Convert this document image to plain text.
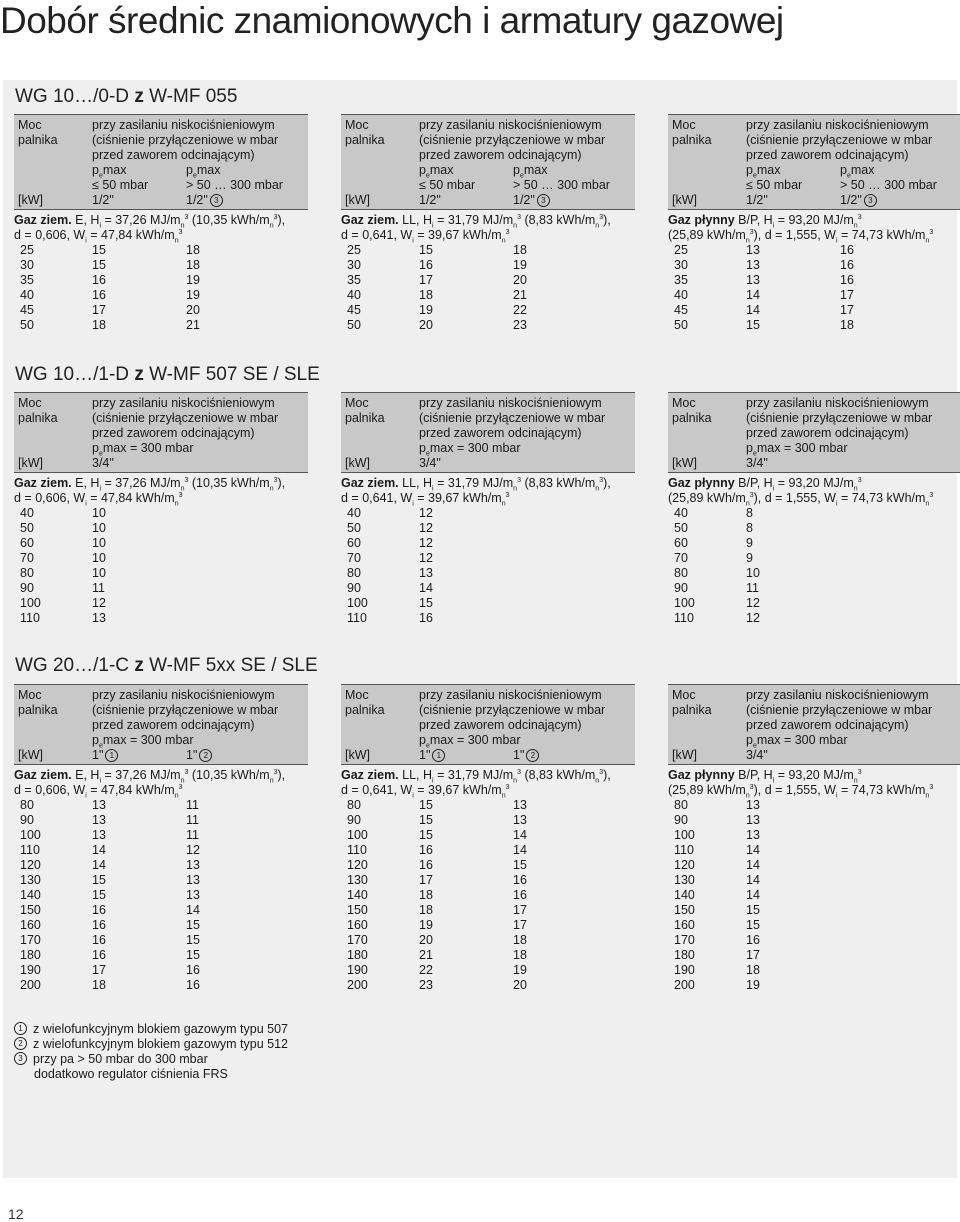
Dobór średnic znamionowych i armatury gazowej
WG 10…/0-D z W-MF 055
Moc	przy zasilaniu niskociśnieniowym
palnika	(ciśnienie przyłączeniowe w mbar
przed zaworem odcinającym)
$p_e\max$	$p_e\max$
≤ 50 mbar	> 50 … 300 mbar
[kW]	1/2"	1/2" 3
Gaz ziem. E, $H_i = 37,26$ $MJ/m_n^3$ (10,35 kWh/$m_n^3$),
d = 0,606, $W_i = 47,84$ kWh/$m_n^3$
25	15	18
30	15	18
35	16	19
40	16	19
45	17	20
50	18	21
Moc	przy zasilaniu niskociśnieniowym
palnika	(ciśnienie przyłączeniowe w mbar
przed zaworem odcinającym)
$p_e\max$	$p_e\max$
≤ 50 mbar	> 50 … 300 mbar
[kW]	1/2"	1/2" 3
Gaz ziem. LL, $H_i = 31,79$ $MJ/m_n^3$ (8,83 kWh/$m_n^3$),
d = 0,641, $W_i = 39,67$ kWh/$m_n^3$
25	15	18
30	16	19
35	17	20
40	18	21
45	19	22
50	20	23
Moc	przy zasilaniu niskociśnieniowym
palnika	(ciśnienie przyłączeniowe w mbar
przed zaworem odcinającym)
$p_e\max$	$p_e\max$
≤ 50 mbar	> 50 … 300 mbar
[kW]	1/2"	1/2" 3
Gaz płynny B/P, $H_i = 93,20$ $MJ/m_n^3$
(25,89 kWh/$m_n^3$), d = 1,555, $W_i = 74,73$ kWh/$m_n^3$
25	13	16
30	13	16
35	13	16
40	14	17
45	14	17
50	15	18
WG 10…/1-D z W-MF 507 SE / SLE
Moc	przy zasilaniu niskociśnieniowym
palnika	(ciśnienie przyłączeniowe w mbar
przed zaworem odcinającym)
$p_e\max = 300$ mbar
[kW]	3/4"
Gaz ziem. E, $H_i = 37,26$ $MJ/m_n^3$ (10,35 kWh/$m_n^3$),
d = 0,606, $W_i = 47,84$ kWh/$m_n^3$
40	10
50	10
60	10
70	10
80	10
90	11
100	12
110	13
Moc	przy zasilaniu niskociśnieniowym
palnika	(ciśnienie przyłączeniowe w mbar
przed zaworem odcinającym)
$p_e\max = 300$ mbar
[kW]	3/4"
Gaz ziem. LL, $H_i = 31,79$ $MJ/m_n^3$ (8,83 kWh/$m_n^3$),
d = 0,641, $W_i = 39,67$ kWh/$m_n^3$
40	12
50	12
60	12
70	12
80	13
90	14
100	15
110	16
Moc	przy zasilaniu niskociśnieniowym
palnika	(ciśnienie przyłączeniowe w mbar
przed zaworem odcinającym)
$p_e\max = 300$ mbar
[kW]	3/4"
Gaz płynny B/P, $H_i = 93,20$ $MJ/m_n^3$
(25,89 kWh/$m_n^3$), d = 1,555, $W_i = 74,73$ kWh/$m_n^3$
40	8
50	8
60	9
70	9
80	10
90	11
100	12
110	12
WG 20…/1-C z W-MF 5xx SE / SLE
Moc	przy zasilaniu niskociśnieniowym
palnika	(ciśnienie przyłączeniowe w mbar
przed zaworem odcinającym)
$p_e\max = 300$ mbar
[kW]	1" 1	1" 2
Gaz ziem. E, $H_i = 37,26$ $MJ/m_n^3$ (10,35 kWh/$m_n^3$),
d = 0,606, $W_i = 47,84$ kWh/$m_n^3$
80	13	11
90	13	11
100	13	11
110	14	12
120	14	13
130	15	13
140	15	13
150	16	14
160	16	15
170	16	15
180	16	15
190	17	16
200	18	16
Moc	przy zasilaniu niskociśnieniowym
palnika	(ciśnienie przyłączeniowe w mbar
przed zaworem odcinającym)
$p_e\max = 300$ mbar
[kW]	1" 1	1" 2
Gaz ziem. LL, $H_i = 31,79$ $MJ/m_n^3$ (8,83 kWh/$m_n^3$),
d = 0,641, $W_i = 39,67$ kWh/$m_n^3$
80	15	13
90	15	13
100	15	14
110	16	14
120	16	15
130	17	16
140	18	16
150	18	17
160	19	17
170	20	18
180	21	18
190	22	19
200	23	20
Moc	przy zasilaniu niskociśnieniowym
palnika	(ciśnienie przyłączeniowe w mbar
przed zaworem odcinającym)
$p_e\max = 300$ mbar
[kW]	3/4"
Gaz płynny B/P, $H_i = 93,20$ $MJ/m_n^3$
(25,89 kWh/$m_n^3$), d = 1,555, $W_i = 74,73$ kWh/$m_n^3$
80	13
90	13
100	13
110	14
120	14
130	14
140	14
150	15
160	15
170	16
180	17
190	18
200	19
1 z wielofunkcyjnym blokiem gazowym typu 507
2 z wielofunkcyjnym blokiem gazowym typu 512
3 przy pa > 50 mbar do 300 mbar
dodatkowo regulator ciśnienia FRS
12
